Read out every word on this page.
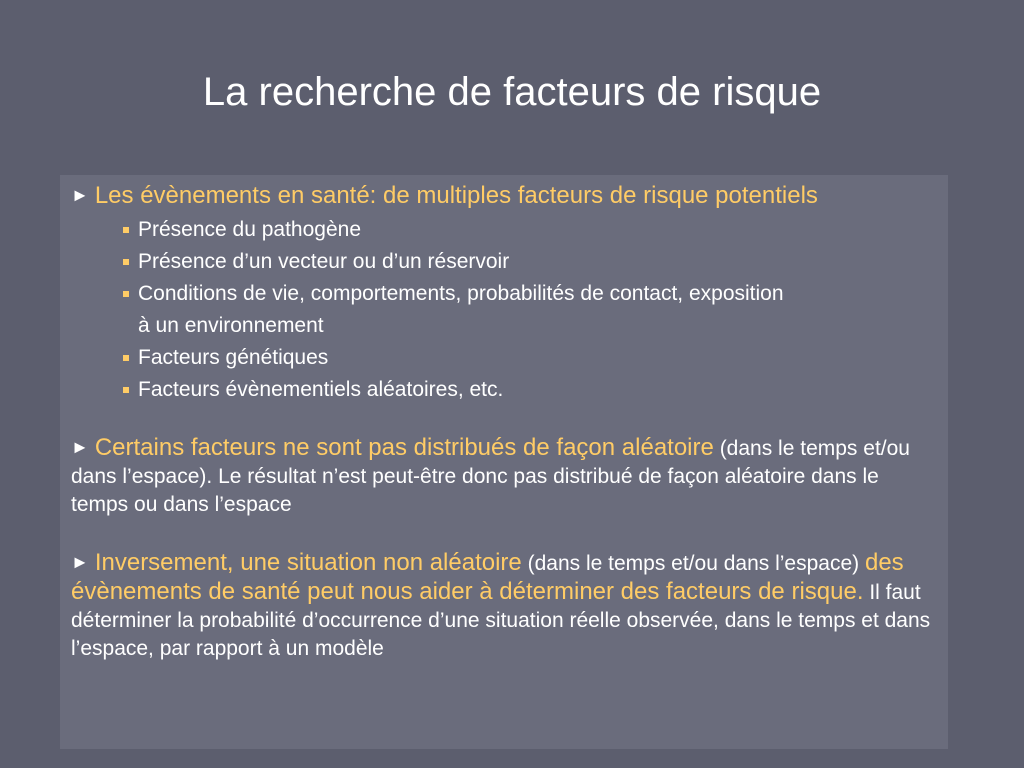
La recherche de facteurs de risque

► Les évènements en santé: de multiples facteurs de risque potentiels

Présence du pathogène
Présence d’un vecteur ou d’un réservoir
Conditions de vie, comportements, probabilités de contact, exposition
à un environnement
Facteurs génétiques
Facteurs évènementiels aléatoires, etc.

► Certains facteurs ne sont pas distribués de façon aléatoire (dans le temps et/ou dans l’espace). Le résultat n’est peut-être donc pas distribué de façon aléatoire dans le temps ou dans l’espace

► Inversement, une situation non aléatoire (dans le temps et/ou dans l’espace) des évènements de santé peut nous aider à déterminer des facteurs de risque. Il faut déterminer la probabilité d’occurrence d’une situation réelle observée, dans le temps et dans l’espace, par rapport à un modèle
